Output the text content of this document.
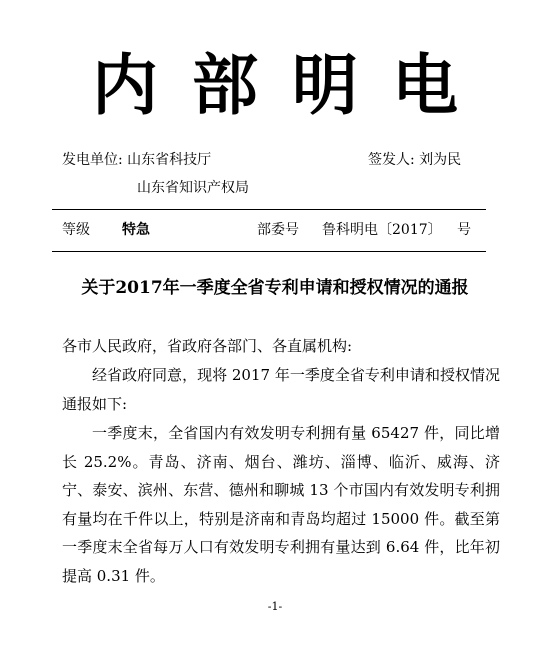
内部明电
发电单位: 山东省科技厅	签发人: 刘为民
山东省知识产权局
等级 特急	部委号 鲁科明电〔2017〕 号
关于2017年一季度全省专利申请和授权情况的通报
各市人民政府，省政府各部门、各直属机构:
经省政府同意，现将 2017 年一季度全省专利申请和授权情况通报如下:
一季度末，全省国内有效发明专利拥有量 65427 件，同比增长 25.2%。青岛、济南、烟台、潍坊、淄博、临沂、威海、济宁、泰安、滨州、东营、德州和聊城 13 个市国内有效发明专利拥有量均在千件以上，特别是济南和青岛均超过 15000 件。截至第一季度末全省每万人口有效发明专利拥有量达到 6.64 件，比年初提高 0.31 件。
-1-
